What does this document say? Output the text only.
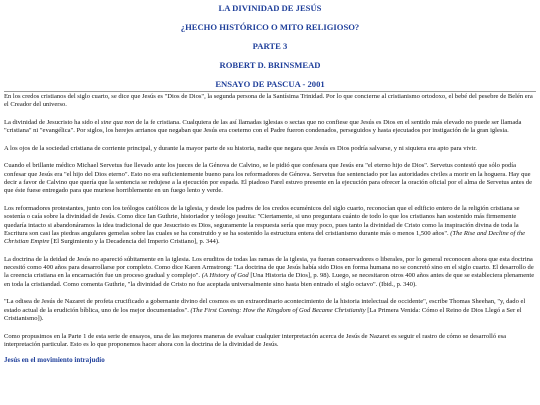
LA DIVINIDAD DE JESÚS
¿HECHO HISTÓRICO O MITO RELIGIOSO?
PARTE 3
ROBERT D. BRINSMEAD
ENSAYO DE PASCUA - 2001

En los credos cristianos del siglo cuarto, se dice que Jesús es "Dios de Dios", la segunda persona de la Santísima Trinidad. Por lo que concierne al cristianismo ortodoxo, el bebé del pesebre de Belén era el Creador del universo.

La divinidad de Jesucristo ha sido el sine qua non de la fe cristiana. Cualquiera de las así llamadas iglesias o sectas que no confiese que Jesús es Dios en el sentido más elevado no puede ser llamada "cristiana" ni "evangélica". Por siglos, los herejes arrianos que negaban que Jesús era coeterno con el Padre fueron condenados, perseguidos y hasta ejecutados por instigación de la gran iglesia.

A los ojos de la sociedad cristiana de corriente principal, y durante la mayor parte de su historia, nadie que negara que Jesús es Dios podría salvarse, y ni siquiera era apto para vivir.

Cuando el brillante médico Michael Servetus fue llevado ante los jueces de la Génova de Calvino, se le pidió que confesara que Jesús era "el eterno hijo de Dios". Servetus contestó que sólo podía confesar que Jesús era "el hijo del Dios eterno". Esto no era suficientemente bueno para los reformadores de Génova. Servetus fue sentenciado por las autoridades civiles a morir en la hoguera. Hay que decir a favor de Calvino que quería que la sentencia se redujese a la ejecución por espada. El piadoso Farel estuvo presente en la ejecución para ofrecer la oración oficial por el alma de Servetus antes de que éste fuese entregado para que muriese horriblemente en un fuego lento y verde.

Los reformadores protestantes, junto con los teólogos católicos de la iglesia, y desde los padres de los credos ecuménicos del siglo cuarto, reconocían que el edificio entero de la religión cristiana se sostenía o caía sobre la divinidad de Jesús. Como dice Ian Guthrie, historiador y teólogo jesuita: "Ciertamente, si uno preguntara cuánto de todo lo que los cristianos han sostenido más firmemente quedaría intacto si abandonáramos la idea tradicional de que Jesucristo es Dios, seguramente la respuesta sería que muy poco, pues tanto la divinidad de Cristo como la inspiración divina de toda la Escritura son casi las piedras angulares gemelas sobre las cuales se ha construido y se ha sostenido la estructura entera del cristianismo durante más o menos 1,500 años". (The Rise and Decline of the Christian Empire [El Surgimiento y la Decadencia del Imperio Cristiano], p. 344).

La doctrina de la deidad de Jesús no apareció súbitamente en la iglesia. Los eruditos de todas las ramas de la iglesia, ya fueran conservadores o liberales, por lo general reconocen ahora que esta doctrina necesitó como 400 años para desarrollarse por completo. Como dice Karen Armstrong: "La doctrina de que Jesús había sido Dios en forma humana no se concretó sino en el siglo cuarto. El desarrollo de la creencia cristiana en la encarnación fue un proceso gradual y complejo". (A History of God [Una Historia de Dios], p. 98). Luego, se necesitaron otros 400 años antes de que se estableciera plenamente en toda la cristiandad. Como comenta Guthrie, "la divinidad de Cristo no fue aceptada universalmente sino hasta bien entrado el siglo octavo". (Ibid., p. 340).

"La odisea de Jesús de Nazaret de profeta crucificado a gobernante divino del cosmos es un extraordinario acontecimiento de la historia intelectual de occidente", escribe Thomas Sheehan, "y, dado el estado actual de la erudición bíblica, uno de los mejor documentados". (The First Coming: How the Kingdom of God Became Christianity [La Primera Venida: Cómo el Reino de Dios Llegó a Ser el Cristianismo]).

Como propusimos en la Parte 1 de esta serie de ensayos, una de las mejores maneras de evaluar cualquier interpretación acerca de Jesús de Nazaret es seguir el rastro de cómo se desarrolló esa interpretación particular. Esto es lo que proponemos hacer ahora con la doctrina de la divinidad de Jesús.

Jesús en el movimiento intrajudío
